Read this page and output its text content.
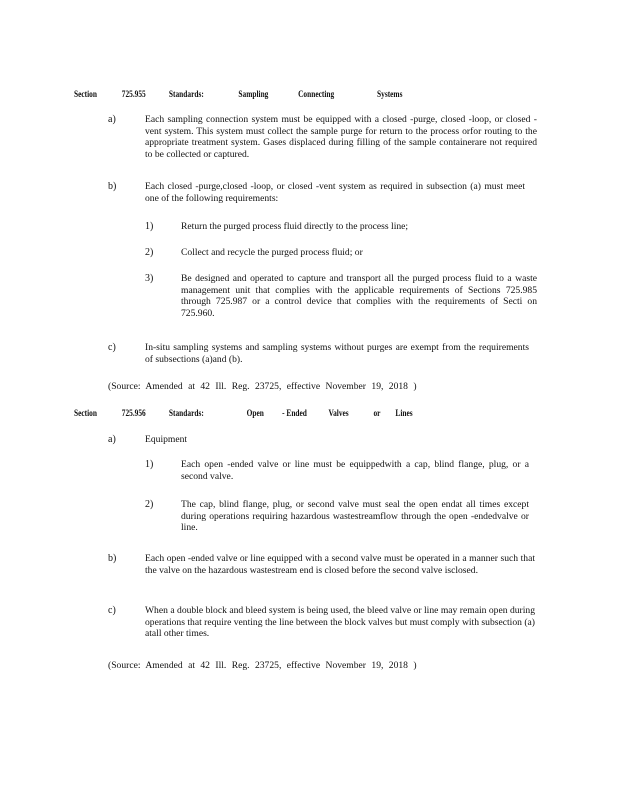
Section	725.955	Standards:	Sampling	Connecting	Systems
a)	Each sampling connection system must be equipped with a closed -purge, closed -loop, or closed -vent system. This system must collect the sample purge for return to the process orfor routing to the appropriate treatment system. Gases displaced during filling of the sample containerare not required to be collected or captured.
b)	Each closed -purge,closed -loop, or closed -vent system as required in subsection (a) must meet one of the following requirements:
1)	Return the purged process fluid directly to the process line;
2)	Collect and recycle the purged process fluid; or
3)	Be designed and operated to capture and transport all the purged process fluid to a waste management unit that complies with the applicable requirements of Sections 725.985 through 725.987 or a control device that complies with the requirements of Secti on 725.960.
c)	In-situ sampling systems and sampling systems without purges are exempt from the requirements of subsections (a)and (b).
(Source: Amended at 42 Ill. Reg. 23725, effective November 19, 2018 )
Section	725.956	Standards:	Open - Ended Valves	or Lines
a)	Equipment
1)	Each open -ended valve or line must be equippedwith a cap, blind flange, plug, or a second valve.
2)	The cap, blind flange, plug, or second valve must seal the open endat all times except during operations requiring hazardous wastestreamflow through the open -endedvalve or line.
b)	Each open -ended valve or line equipped with a second valve must be operated in a manner such that the valve on the hazardous wastestream end is closed before the second valve isclosed.
c)	When a double block and bleed system is being used, the bleed valve or line may remain open during operations that require venting the line between the block valves but must comply with subsection (a) atall other times.
(Source: Amended at 42 Ill. Reg. 23725, effective November 19, 2018 )
